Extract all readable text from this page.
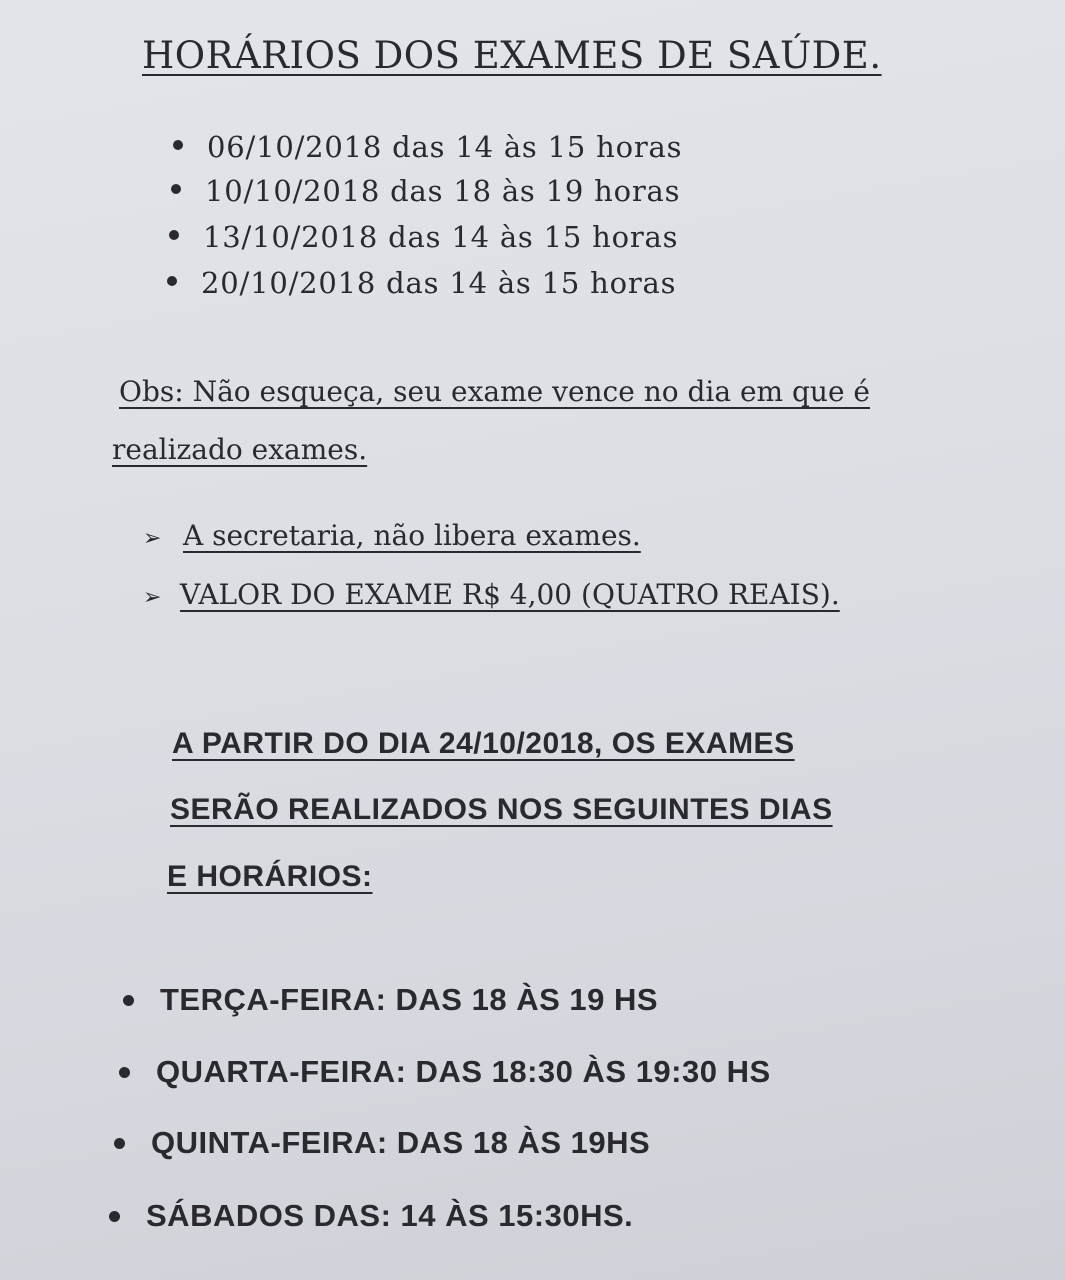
HORÁRIOS DOS EXAMES DE SAÚDE.
06/10/2018 das 14 às 15 horas
10/10/2018 das 18 às 19 horas
13/10/2018 das 14 às 15 horas
20/10/2018 das 14 às 15 horas
Obs: Não esqueça, seu exame vence no dia em que é
realizado exames.
➢ A secretaria, não libera exames.
➢ VALOR DO EXAME R$ 4,00 (QUATRO REAIS).
A PARTIR DO DIA 24/10/2018, OS EXAMES
SERÃO REALIZADOS NOS SEGUINTES DIAS
E HORÁRIOS:
TERÇA-FEIRA: DAS 18 ÀS 19 HS
QUARTA-FEIRA: DAS 18:30 ÀS 19:30 HS
QUINTA-FEIRA: DAS 18 ÀS 19HS
SÁBADOS DAS: 14 ÀS 15:30HS.
